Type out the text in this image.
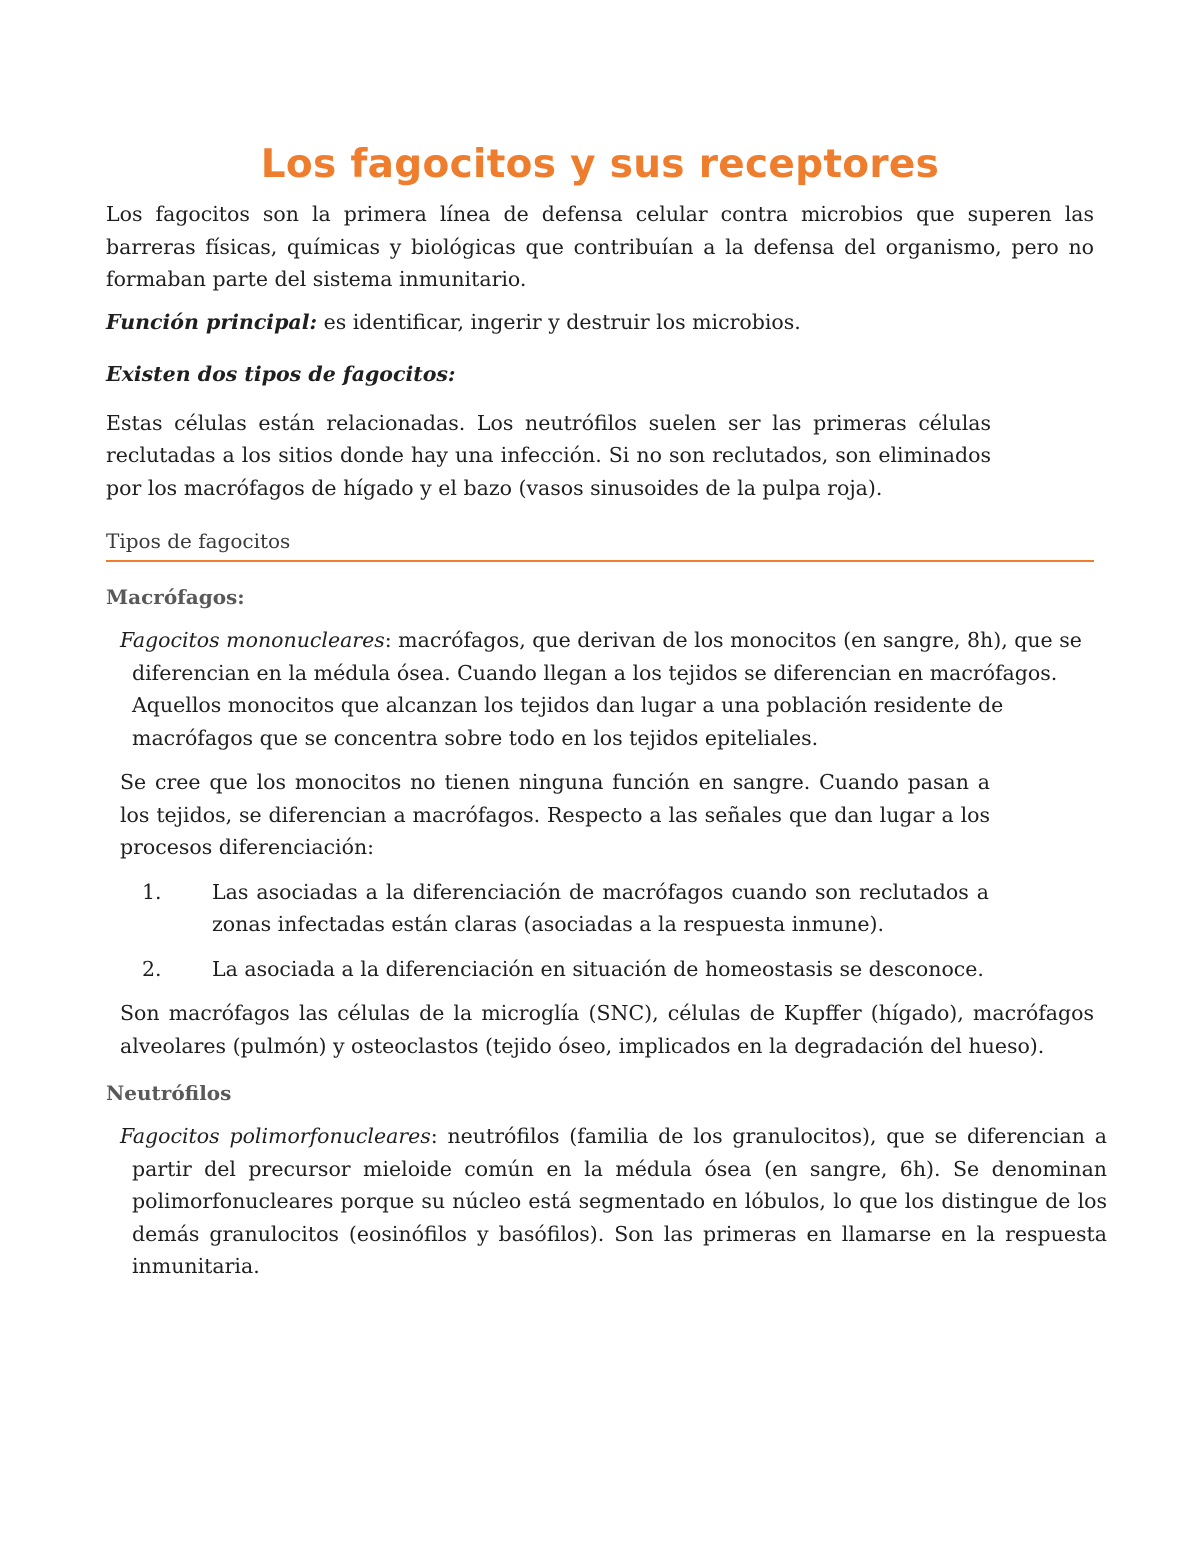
Los fagocitos y sus receptores

Los fagocitos son la primera línea de defensa celular contra microbios que superen las barreras físicas, químicas y biológicas que contribuían a la defensa del organismo, pero no formaban parte del sistema inmunitario.

Función principal: es identificar, ingerir y destruir los microbios.

Existen dos tipos de fagocitos:

Estas células están relacionadas. Los neutrófilos suelen ser las primeras células reclutadas a los sitios donde hay una infección. Si no son reclutados, son eliminados por los macrófagos de hígado y el bazo (vasos sinusoides de la pulpa roja).

Tipos de fagocitos

Macrófagos:

Fagocitos mononucleares: macrófagos, que derivan de los monocitos (en sangre, 8h), que se diferencian en la médula ósea. Cuando llegan a los tejidos se diferencian en macrófagos. Aquellos monocitos que alcanzan los tejidos dan lugar a una población residente de macrófagos que se concentra sobre todo en los tejidos epiteliales.

Se cree que los monocitos no tienen ninguna función en sangre. Cuando pasan a los tejidos, se diferencian a macrófagos. Respecto a las señales que dan lugar a los procesos diferenciación:

1. Las asociadas a la diferenciación de macrófagos cuando son reclutados a zonas infectadas están claras (asociadas a la respuesta inmune).
2. La asociada a la diferenciación en situación de homeostasis se desconoce.

Son macrófagos las células de la microglía (SNC), células de Kupffer (hígado), macrófagos alveolares (pulmón) y osteoclastos (tejido óseo, implicados en la degradación del hueso).

Neutrófilos

Fagocitos polimorfonucleares: neutrófilos (familia de los granulocitos), que se diferencian a partir del precursor mieloide común en la médula ósea (en sangre, 6h). Se denominan polimorfonucleares porque su núcleo está segmentado en lóbulos, lo que los distingue de los demás granulocitos (eosinófilos y basófilos). Son las primeras en llamarse en la respuesta inmunitaria.
